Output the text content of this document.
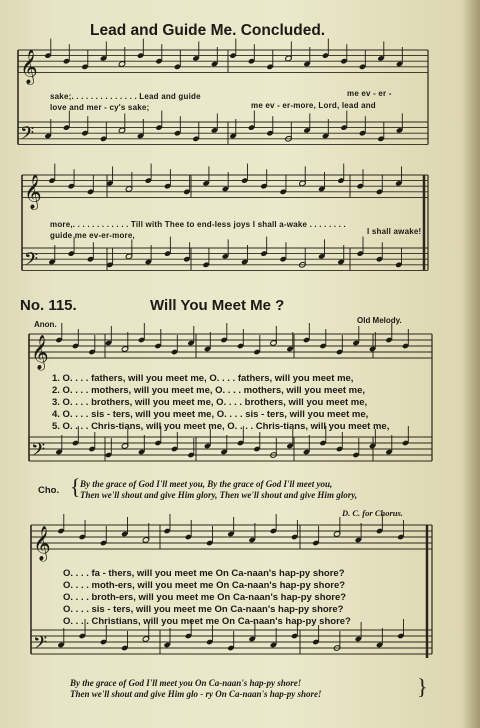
Lead and Guide Me. Concluded.
𝄞
𝄢
𝄞
𝄢
𝄞
𝄢
𝄞
𝄢
sake;. . . . . . . . . . . . . . Lead and guide	me ev - er -
love and mer - cy's sake;	me ev - er-more, Lord, lead and
more,. . . . . . . . . . . . Till with Thee to end-less joys I shall a-wake . . . . . . . .
guide me ev-er-more,	I shall awake!
No. 115.	Will You Meet Me ?
Anon.	Old Melody.
1. O. . . . fathers, will you meet me, O. . . . fathers, will you meet me,
2. O. . . . mothers, will you meet me, O. . . . mothers, will you meet me,
3. O. . . . brothers, will you meet me, O. . . . brothers, will you meet me,
4. O. . . . sis - ters, will you meet me, O. . . . sis - ters, will you meet me,
5. O. . . . Chris-tians, will you meet me, O. . . . Chris-tians, will you meet me,
Cho. { By the grace of God I'll meet you, By the grace of God I'll meet you,
Then we'll shout and give Him glory, Then we'll shout and give Him glory,
D. C. for Chorus.
O. . . . fa - thers, will you meet me On Ca-naan's hap-py shore?
O. . . . moth-ers, will you meet me On Ca-naan's hap-py shore?
O. . . . broth-ers, will you meet me On Ca-naan's hap-py shore?
O. . . . sis - ters, will you meet me On Ca-naan's hap-py shore?
O. . . . Christians, will you meet me On Ca-naan's hap-py shore?
By the grace of God I'll meet you On Ca-naan's hap-py shore!
Then we'll shout and give Him glo - ry On Ca-naan's hap-py shore!	}
